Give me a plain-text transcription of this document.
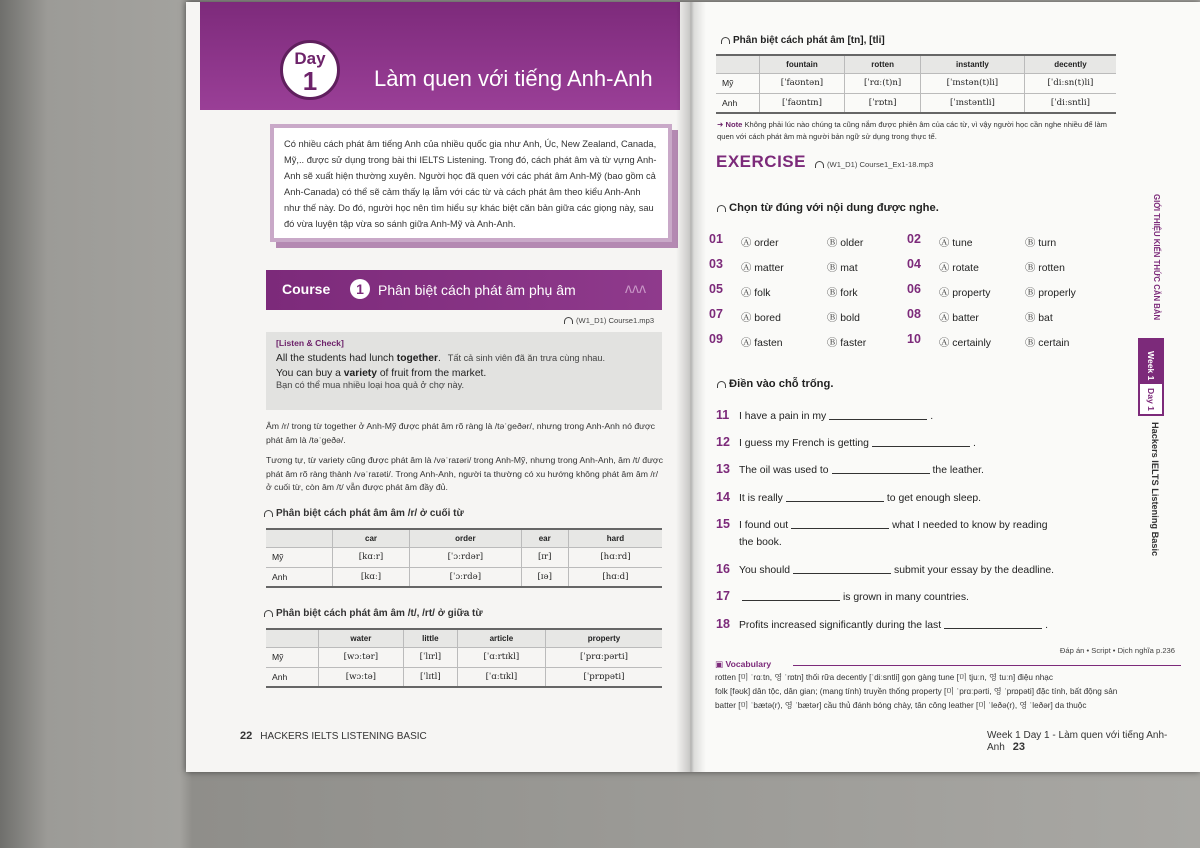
Day
1	Làm quen với tiếng Anh-Anh
Có nhiều cách phát âm tiếng Anh của nhiều quốc gia như Anh, Úc, New Zealand, Canada, Mỹ,.. được sử dụng trong bài thi IELTS Listening. Trong đó, cách phát âm và từ vựng Anh-Anh sẽ xuất hiện thường xuyên. Người học đã quen với các phát âm Anh-Mỹ (bao gồm cả Anh-Canada) có thể sẽ cảm thấy lạ lẫm với các từ và cách phát âm theo kiểu Anh-Anh như thế này. Do đó, người học nên tìm hiểu sự khác biệt căn bản giữa các giọng này, sau đó vừa luyện tập vừa so sánh giữa Anh-Mỹ và Anh-Anh.
Course	1	Phân biệt cách phát âm phụ âm	ʌʌʌ
(W1_D1) Course1.mp3
[Listen & Check]
All the students had lunch together. Tất cả sinh viên đã ăn trưa cùng nhau.
You can buy a variety of fruit from the market.
Bạn có thể mua nhiều loại hoa quả ở chợ này.
Âm /r/ trong từ together ở Anh-Mỹ được phát âm rõ ràng là /təˈgeðər/, nhưng trong Anh-Anh nó được phát âm là /təˈgeðə/.
Tương tự, từ variety cũng được phát âm là /vəˈraɪəri/ trong Anh-Mỹ, nhưng trong Anh-Anh, âm /t/ được phát âm rõ ràng thành /vəˈraɪəti/. Trong Anh-Anh, người ta thường có xu hướng không phát âm âm /r/ ở cuối từ, còn âm /t/ vẫn được phát âm đầy đủ.
Phân biệt cách phát âm âm /r/ ở cuối từ
	car	order	ear	hard
Mỹ	[kɑːr]	[ˈɔːrdər]	[ɪr]	[hɑːrd]
Anh	[kɑː]	[ˈɔːrdə]	[ɪə]	[hɑːd]
Phân biệt cách phát âm âm /t/, /rt/ ở giữa từ
	water	little	article	property
Mỹ	[wɔːtər]	[ˈlɪrl]	[ˈɑːrtɪkl]	[ˈprɑːpərti]
Anh	[wɔːtə]	[ˈlɪtl]	[ˈɑːtɪkl]	[ˈprɒpəti]
22 HACKERS IELTS LISTENING BASIC
Phân biệt cách phát âm [tn], [tli]
	fountain	rotten	instantly	decently
Mỹ	[ˈfaʊntən]	[ˈrɑː(t)n]	[ˈɪnstən(t)li]	[ˈdiːsn(t)li]
Anh	[ˈfaʊntɪn]	[ˈrɒtn]	[ˈɪnstəntli]	[ˈdiːsntli]
➜ Note Không phải lúc nào chúng ta cũng nắm được phiên âm của các từ, vì vậy người học cần nghe nhiều để làm quen với cách phát âm mà người bản ngữ sử dụng trong thực tế.
EXERCISE	(W1_D1) Course1_Ex1-18.mp3
Chọn từ đúng với nội dung được nghe.
01 Ⓐ order	Ⓑ older	02 Ⓐ tune	Ⓑ turn
03 Ⓐ matter	Ⓑ mat	04 Ⓐ rotate	Ⓑ rotten
05 Ⓐ folk	Ⓑ fork	06 Ⓐ property	Ⓑ properly
07 Ⓐ bored	Ⓑ bold	08 Ⓐ batter	Ⓑ bat
09 Ⓐ fasten	Ⓑ faster	10 Ⓐ certainly	Ⓑ certain
Điền vào chỗ trống.
11 I have a pain in my	.
12 I guess my French is getting	.
13 The oil was used to	the leather.
14 It is really	to get enough sleep.
15 I found out	what I needed to know by reading
the book.
16 You should	submit your essay by the deadline.
17	is grown in many countries.
18 Profits increased significantly during the last	.
Đáp án • Script • Dịch nghĩa p.236
▣ Vocabulary
rotten [미 ˈrɑːtn, 영 ˈrɒtn] thối rữa decently [ˈdiːsntli] gọn gàng tune [미 tjuːn, 영 tuːn] điệu nhạc
folk [fəʊk] dân tộc, dân gian; (mang tính) truyền thống property [미 ˈprɑːpərti, 영 ˈprɒpəti] đặc tính, bất động sản
batter [미 ˈbætə(r), 영 ˈbætər] cầu thủ đánh bóng chày, tân công leather [미 ˈleðə(r), 영 ˈleðər] da thuộc
Week 1 Day 1 - Làm quen với tiếng Anh-Anh 23
GIỚI THIỆU KIẾN THỨC CĂN BẢN
Week 1
Day 1
Hackers IELTS Listening Basic
